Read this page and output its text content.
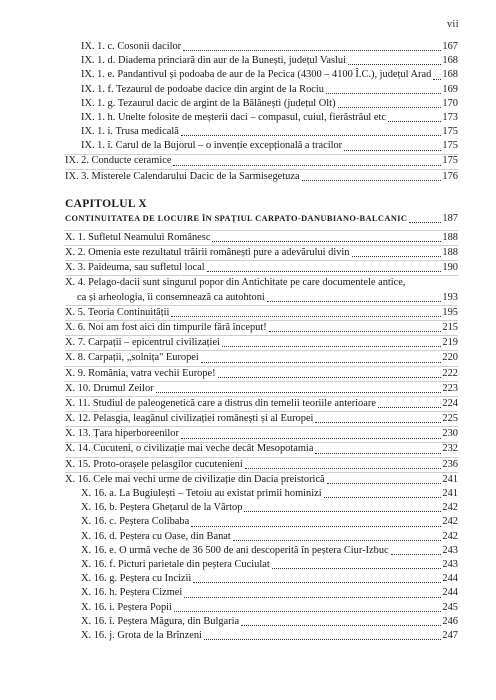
vii
IX. 1. c. Cosonii dacilor	167
IX. 1. d. Diadema princiară din aur de la Bunești, județul Vaslui	168
IX. 1. e. Pandantivul și podoaba de aur de la Pecica (4300 – 4100 Î.C.), județul Arad 168
IX. 1. f. Tezaurul de podoabe dacice din argint de la Rociu	169
IX. 1. g. Tezaurul dacic de argint de la Bălănești (județul Olt)	170
IX. 1. h. Unelte folosite de meșterii daci – compasul, cuiul, fierăstrăul etc	173
IX. 1. i. Trusa medicală	175
IX. 1. î. Carul de la Bujorul – o invenție excepțională a tracilor	175
IX. 2. Conducte ceramice	175
IX. 3. Misterele Calendarului Dacic de la Sarmisegetuza	176
CAPITOLUL X
CONTINUITATEA DE LOCUIRE ÎN SPAȚIUL CARPATO-DANUBIANO-BALCANIC	187
X. 1. Sufletul Neamului Românesc	188
X. 2. Omenia este rezultatul trăirii românești pure a adevărului divin	188
X. 3. Paideuma, sau sufletul local	190
X. 4. Pelago-dacii sunt singurul popor din Antichitate pe care documentele antice,
ca și arheologia, îi consemnează ca autohtoni	193
X. 5. Teoria Continuității	195
X. 6. Noi am fost aici din timpurile fără început!	215
X. 7. Carpații – epicentrul civilizației	219
X. 8. Carpații, „solnița" Europei	220
X. 9. România, vatra vechii Europe!	222
X. 10. Drumul Zeilor	223
X. 11. Studiul de paleogenetică care a distrus din temelii teoriile anterioare	224
X. 12. Pelasgia, leagănul civilizației românești și al Europei	225
X. 13. Țara hiperboreenilor	230
X. 14. Cucuteni, o civilizație mai veche decât Mesopotamia	232
X. 15. Proto-orașele pelasgilor cucuteniení	236
X. 16. Cele mai vechi urme de civilizație din Dacia preistorică	241
X. 16. a. La Bugiulești – Tetoiu au existat primii hominizi	241
X. 16. b. Peștera Ghețarul de la Vârtop	242
X. 16. c. Peștera Colibaba	242
X. 16. d. Peștera cu Oase, din Banat	242
X. 16. e. O urmă veche de 36 500 de ani descoperită în peștera Ciur-Izbuc	243
X. 16. f. Picturi parietale din peștera Cuciulat	243
X. 16. g. Peștera cu Incizii	244
X. 16. h. Peștera Cizmei	244
X. 16. i. Peștera Popii	245
X. 16. î. Peștera Măgura, din Bulgaria	246
X. 16. j. Grota de la Brînzeni	247
